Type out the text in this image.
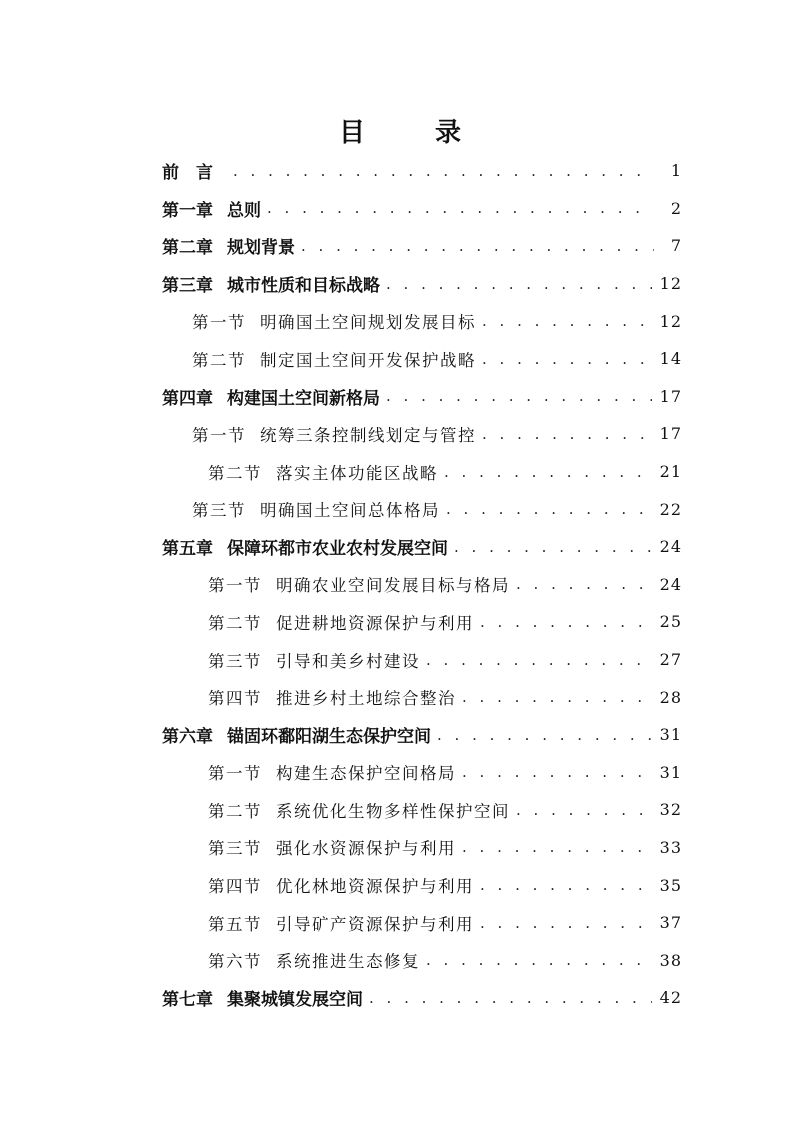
目　录
前　言 . . .	1
第一章 总则 . . .	2
第二章 规划背景 . . .	7
第三章 城市性质和目标战略 . . .	12
第一节 明确国土空间规划发展目标 . . .	12
第二节 制定国土空间开发保护战略 . . .	14
第四章 构建国土空间新格局 . . .	17
第一节 统筹三条控制线划定与管控 . . .	17
第二节 落实主体功能区战略 . . .	21
第三节 明确国土空间总体格局 . . .	22
第五章 保障环都市农业农村发展空间 . . .	24
第一节 明确农业空间发展目标与格局 . . .	24
第二节 促进耕地资源保护与利用 . . .	25
第三节 引导和美乡村建设 . . .	27
第四节 推进乡村土地综合整治 . . .	28
第六章 锚固环鄱阳湖生态保护空间 . . .	31
第一节 构建生态保护空间格局 . . .	31
第二节 系统优化生物多样性保护空间 . . .	32
第三节 强化水资源保护与利用 . . .	33
第四节 优化林地资源保护与利用 . . .	35
第五节 引导矿产资源保护与利用 . . .	37
第六节 系统推进生态修复 . . .	38
第七章 集聚城镇发展空间 . . .	42
